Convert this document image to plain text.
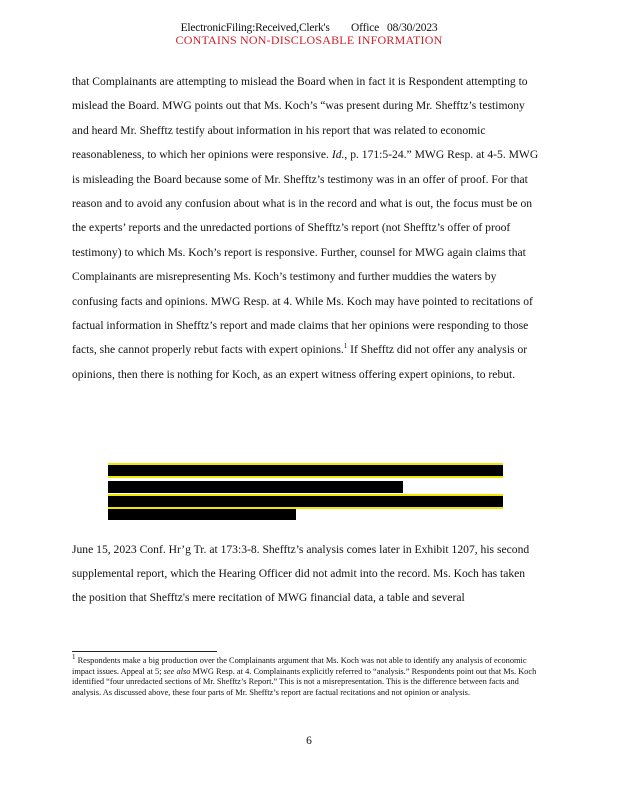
ElectronicFiling:Received,Clerk's        Office   08/30/2023
CONTAINS NON-DISCLOSABLE INFORMATION

that Complainants are attempting to mislead the Board when in fact it is Respondent attempting to mislead the Board. MWG points out that Ms. Koch’s “was present during Mr. Shefftz’s testimony and heard Mr. Shefftz testify about information in his report that was related to economic reasonableness, to which her opinions were responsive. Id., p. 171:5-24.” MWG Resp. at 4-5. MWG is misleading the Board because some of Mr. Shefftz’s testimony was in an offer of proof. For that reason and to avoid any confusion about what is in the record and what is out, the focus must be on the experts’ reports and the unredacted portions of Shefftz’s report (not Shefftz’s offer of proof testimony) to which Ms. Koch’s report is responsive. Further, counsel for MWG again claims that Complainants are misrepresenting Ms. Koch’s testimony and further muddies the waters by confusing facts and opinions. MWG Resp. at 4. While Ms. Koch may have pointed to recitations of factual information in Shefftz’s report and made claims that her opinions were responding to those facts, she cannot properly rebut facts with expert opinions.$^1$ If Shefftz did not offer any analysis or opinions, then there is nothing for Koch, as an expert witness offering expert opinions, to rebut.

June 15, 2023 Conf. Hr’g Tr. at 173:3-8. Shefftz’s analysis comes later in Exhibit 1207, his second supplemental report, which the Hearing Officer did not admit into the record. Ms. Koch has taken the position that Shefftz's mere recitation of MWG financial data, a table and several

$^1$ Respondents make a big production over the Complainants argument that Ms. Koch was not able to identify any analysis of economic impact issues. Appeal at 5; see also MWG Resp. at 4. Complainants explicitly referred to “analysis.” Respondents point out that Ms. Koch identified “four unredacted sections of Mr. Shefftz’s Report.” This is not a misrepresentation. This is the difference between facts and analysis. As discussed above, these four parts of Mr. Shefftz’s report are factual recitations and not opinion or analysis.
6
